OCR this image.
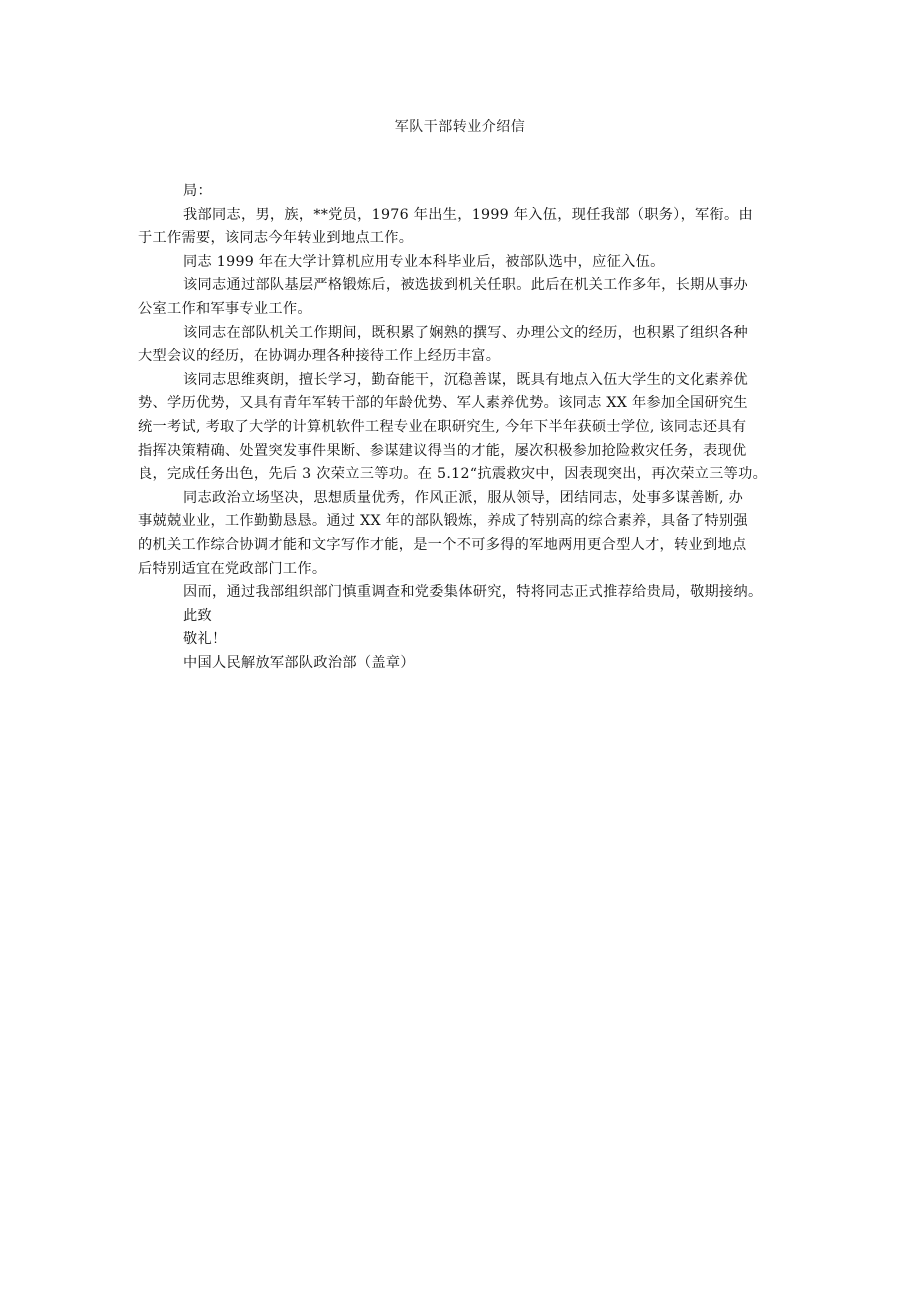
军队干部转业介绍信
局：
我部同志，男，族，**党员，1976 年出生，1999 年入伍，现任我部（职务），军衔。由
于工作需要，该同志今年转业到地点工作。
同志 1999 年在大学计算机应用专业本科毕业后，被部队选中，应征入伍。
该同志通过部队基层严格锻炼后，被选拔到机关任职。此后在机关工作多年，长期从事办
公室工作和军事专业工作。
该同志在部队机关工作期间，既积累了娴熟的撰写、办理公文的经历，也积累了组织各种
大型会议的经历，在协调办理各种接待工作上经历丰富。
该同志思维爽朗，擅长学习，勤奋能干，沉稳善谋，既具有地点入伍大学生的文化素养优
势、学历优势，又具有青年军转干部的年龄优势、军人素养优势。该同志 XX 年参加全国研究生
统一考试, 考取了大学的计算机软件工程专业在职研究生, 今年下半年获硕士学位, 该同志还具有
指挥决策精确、处置突发事件果断、参谋建议得当的才能，屡次积极参加抢险救灾任务，表现优
良，完成任务出色，先后 3 次荣立三等功。在 5.12“抗震救灾中，因表现突出，再次荣立三等功。
同志政治立场坚决，思想质量优秀，作风正派，服从领导，团结同志，处事多谋善断, 办
事兢兢业业，工作勤勤恳恳。通过 XX 年的部队锻炼，养成了特别高的综合素养，具备了特别强
的机关工作综合协调才能和文字写作才能，是一个不可多得的军地两用更合型人才，转业到地点
后特别适宜在党政部门工作。
因而，通过我部组织部门慎重调查和党委集体研究，特将同志正式推荐给贵局，敬期接纳。
此致
敬礼！
中国人民解放军部队政治部（盖章）
